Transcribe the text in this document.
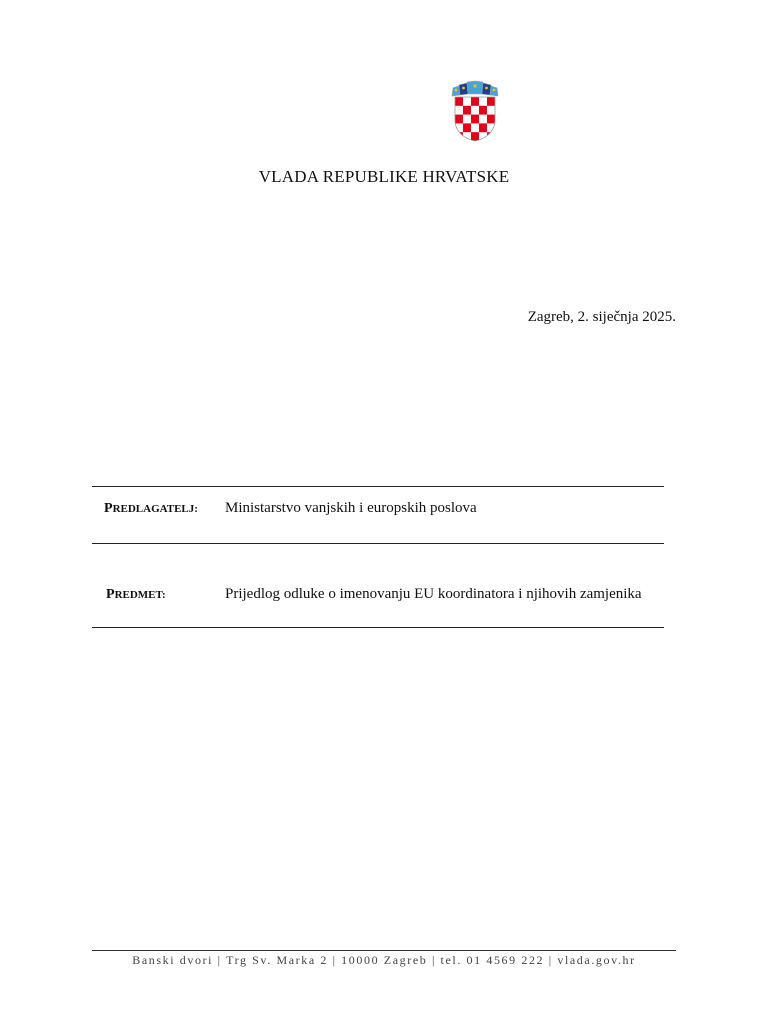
VLADA REPUBLIKE HRVATSKE
Zagreb, 2. siječnja 2025.
PREDLAGATELJ: Ministarstvo vanjskih i europskih poslova
PREDMET:	Prijedlog odluke o imenovanju EU koordinatora i njihovih zamjenika
Banski dvori | Trg Sv. Marka 2 | 10000 Zagreb | tel. 01 4569 222 | vlada.gov.hr
